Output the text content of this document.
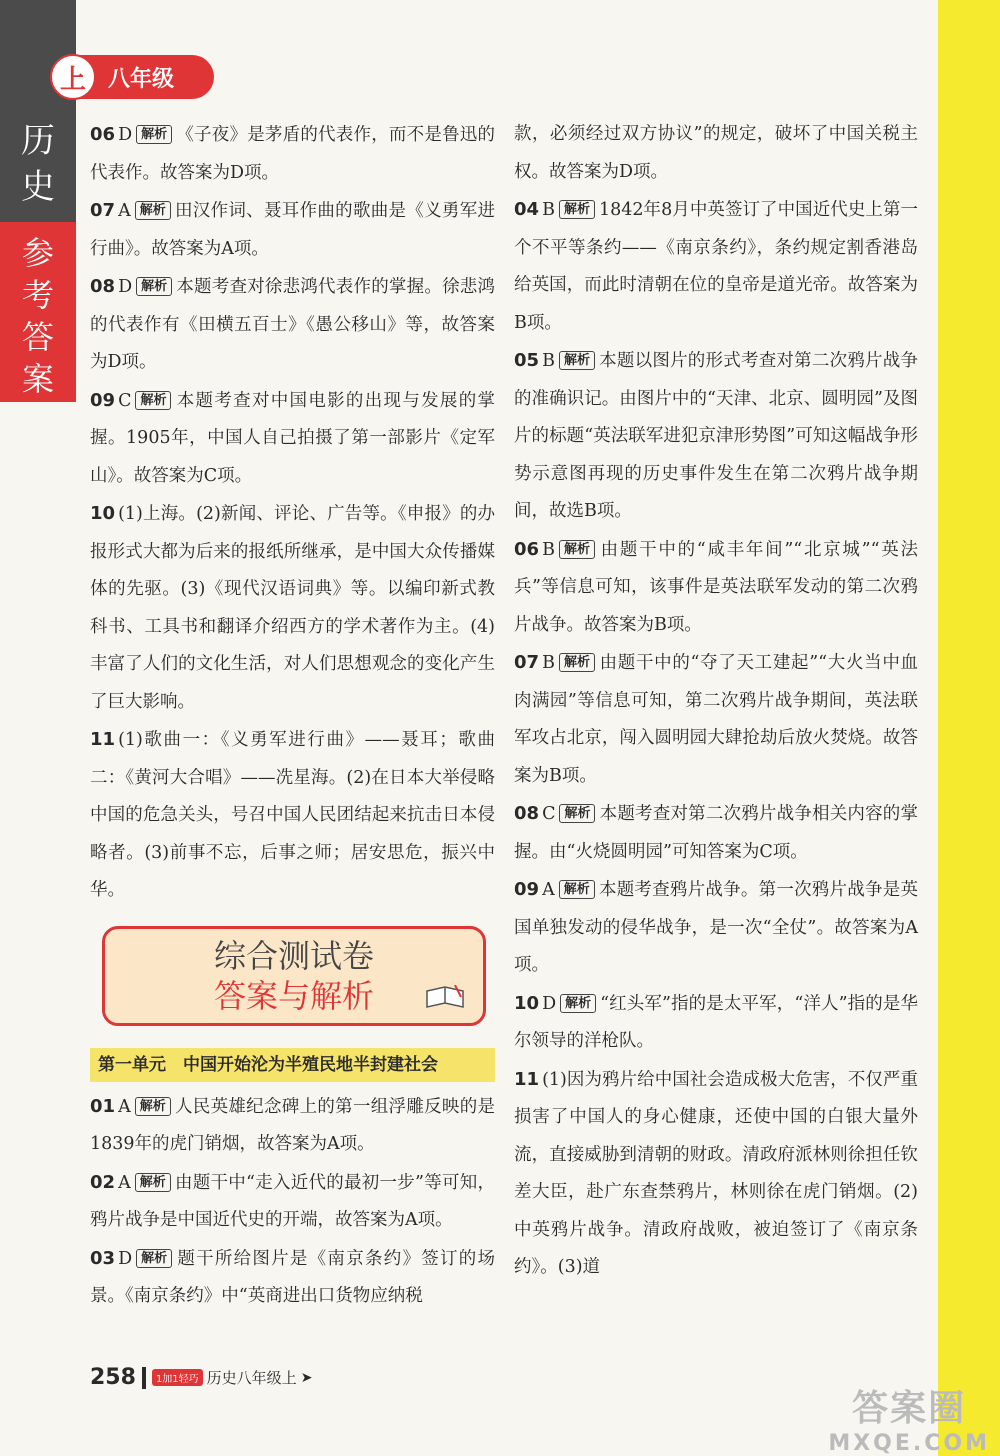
上	八年级
历
史
参
考
答
案
06 D 解析 《子夜》是茅盾的代表作，而不是鲁迅的代表作。故答案为D项。
07 A 解析 田汉作词、聂耳作曲的歌曲是《义勇军进行曲》。故答案为A项。
08 D 解析 本题考查对徐悲鸿代表作的掌握。徐悲鸿的代表作有《田横五百士》《愚公移山》等，故答案为D项。
09 C 解析 本题考查对中国电影的出现与发展的掌握。1905年，中国人自己拍摄了第一部影片《定军山》。故答案为C项。
10 (1)上海。(2)新闻、评论、广告等。《申报》的办报形式大都为后来的报纸所继承，是中国大众传播媒体的先驱。(3)《现代汉语词典》等。以编印新式教科书、工具书和翻译介绍西方的学术著作为主。(4)丰富了人们的文化生活，对人们思想观念的变化产生了巨大影响。
11 (1)歌曲一：《义勇军进行曲》——聂耳；歌曲二：《黄河大合唱》——冼星海。(2)在日本大举侵略中国的危急关头，号召中国人民团结起来抗击日本侵略者。(3)前事不忘，后事之师；居安思危，振兴中华。
综合测试卷
答案与解析
第一单元　中国开始沦为半殖民地半封建社会
01 A 解析 人民英雄纪念碑上的第一组浮雕反映的是1839年的虎门销烟，故答案为A项。
02 A 解析 由题干中“走入近代的最初一步”等可知，鸦片战争是中国近代史的开端，故答案为A项。
03 D 解析 题干所给图片是《南京条约》签订的场景。《南京条约》中“英商进出口货物应纳税
款，必须经过双方协议”的规定，破坏了中国关税主权。故答案为D项。
04 B 解析 1842年8月中英签订了中国近代史上第一个不平等条约——《南京条约》，条约规定割香港岛给英国，而此时清朝在位的皇帝是道光帝。故答案为B项。
05 B 解析 本题以图片的形式考查对第二次鸦片战争的准确识记。由图片中的“天津、北京、圆明园”及图片的标题“英法联军进犯京津形势图”可知这幅战争形势示意图再现的历史事件发生在第二次鸦片战争期间，故选B项。
06 B 解析 由题干中的“咸丰年间”“北京城”“英法兵”等信息可知，该事件是英法联军发动的第二次鸦片战争。故答案为B项。
07 B 解析 由题干中的“夺了天工建起”“大火当中血肉满园”等信息可知，第二次鸦片战争期间，英法联军攻占北京，闯入圆明园大肆抢劫后放火焚烧。故答案为B项。
08 C 解析 本题考查对第二次鸦片战争相关内容的掌握。由“火烧圆明园”可知答案为C项。
09 A 解析 本题考查鸦片战争。第一次鸦片战争是英国单独发动的侵华战争，是一次“全仗”。故答案为A项。
10 D 解析 “红头军”指的是太平军，“洋人”指的是华尔领导的洋枪队。
11 (1)因为鸦片给中国社会造成极大危害，不仅严重损害了中国人的身心健康，还使中国的白银大量外流，直接威胁到清朝的财政。清政府派林则徐担任钦差大臣，赴广东查禁鸦片，林则徐在虎门销烟。(2)中英鸦片战争。清政府战败，被迫签订了《南京条约》。(3)道
258	1加1轻巧 历史八年级 上 ➤
答案圈
MXQE.COM
